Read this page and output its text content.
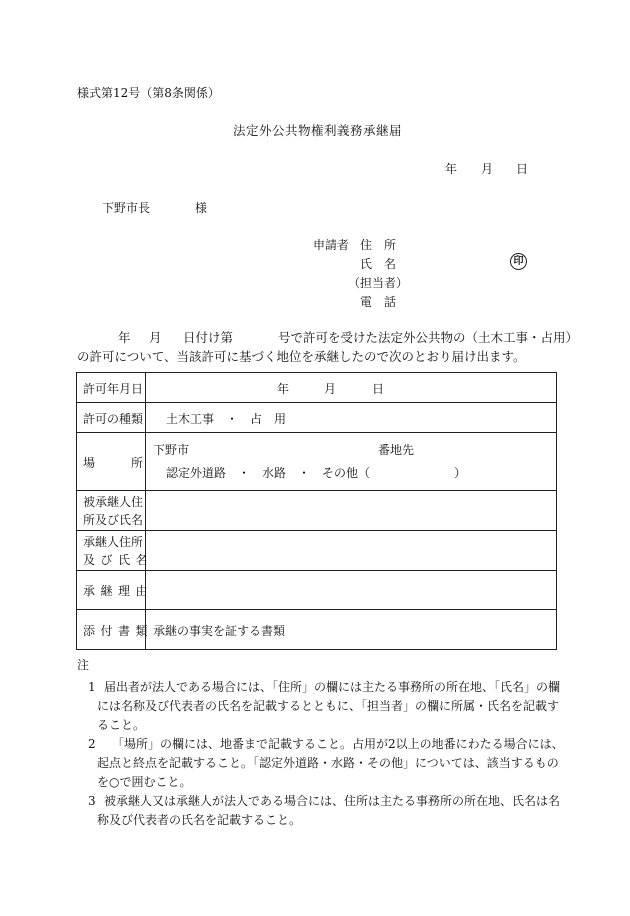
様式第12号（第8条関係）
法定外公共物権利義務承継届
年 月 日
下野市長	様
申請者 住　所
氏　名	印
（担当者）
電　話
年 月 日付け第	号で許可を受けた法定外公共物の（土木工事・占用）
の許可について、当該許可に基づく地位を承継したので次のとおり届け出ます。
許可年月日	年	月	日
許可の種類 土木工事　・　占　用
場　　　所
下野市	番地先
認定外道路　・　水路　・　その他（	）
被承継人住
所及び氏名
承継人住所
及び氏名
承継理由
添付書類 承継の事実を証する書類
注
1 届出者が法人である場合には、「住所」の欄には主たる事務所の所在地、「氏名」の欄
には名称及び代表者の氏名を記載するとともに、「担当者」の欄に所属・氏名を記載す
ること。
2 「場所」の欄には、地番まで記載すること。占用が2以上の地番にわたる場合には、
起点と終点を記載すること。「認定外道路・水路・その他」については、該当するもの
を○で囲むこと。
3 被承継人又は承継人が法人である場合には、住所は主たる事務所の所在地、氏名は名
称及び代表者の氏名を記載すること。
